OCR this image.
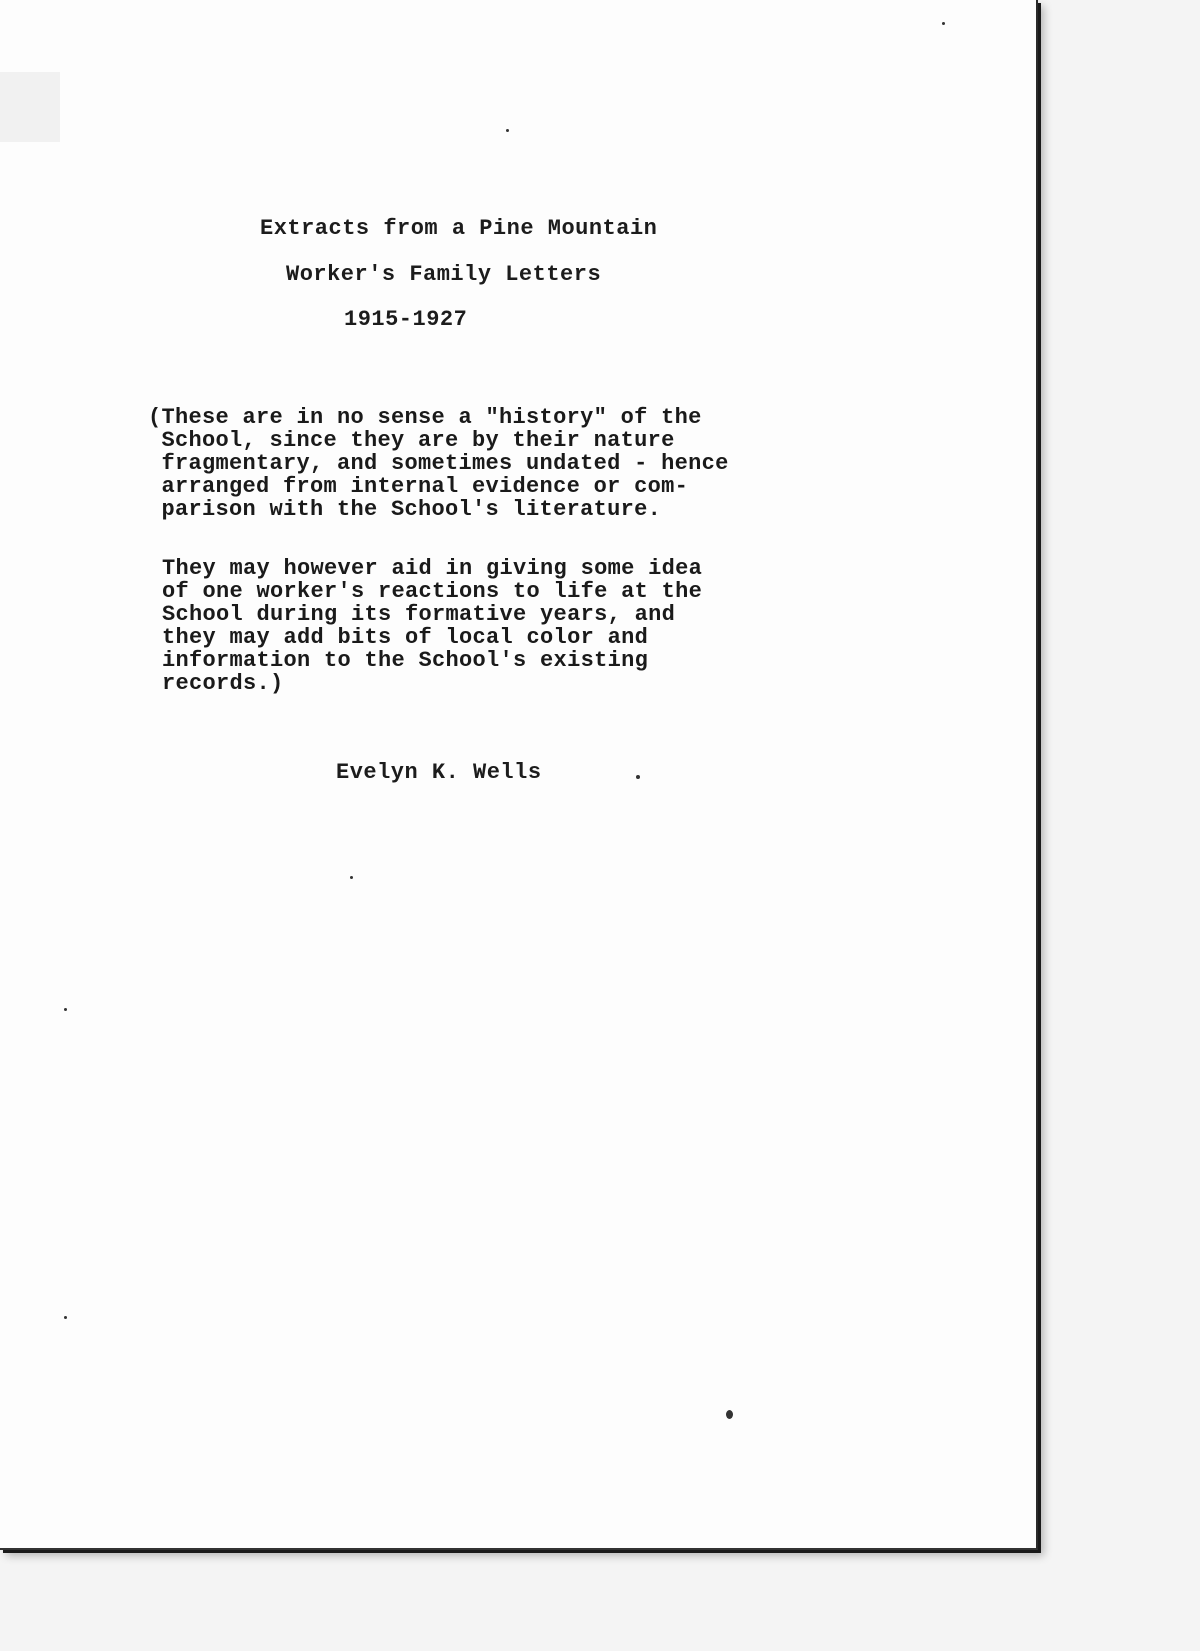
Extracts from a Pine Mountain
Worker's Family Letters
1915-1927
(These are in no sense a "history" of the
School, since they are by their nature
fragmentary, and sometimes undated - hence
arranged from internal evidence or com-
parison with the School's literature.
They may however aid in giving some idea
of one worker's reactions to life at the
School during its formative years, and
they may add bits of local color and
information to the School's existing
records.)
Evelyn K. Wells
